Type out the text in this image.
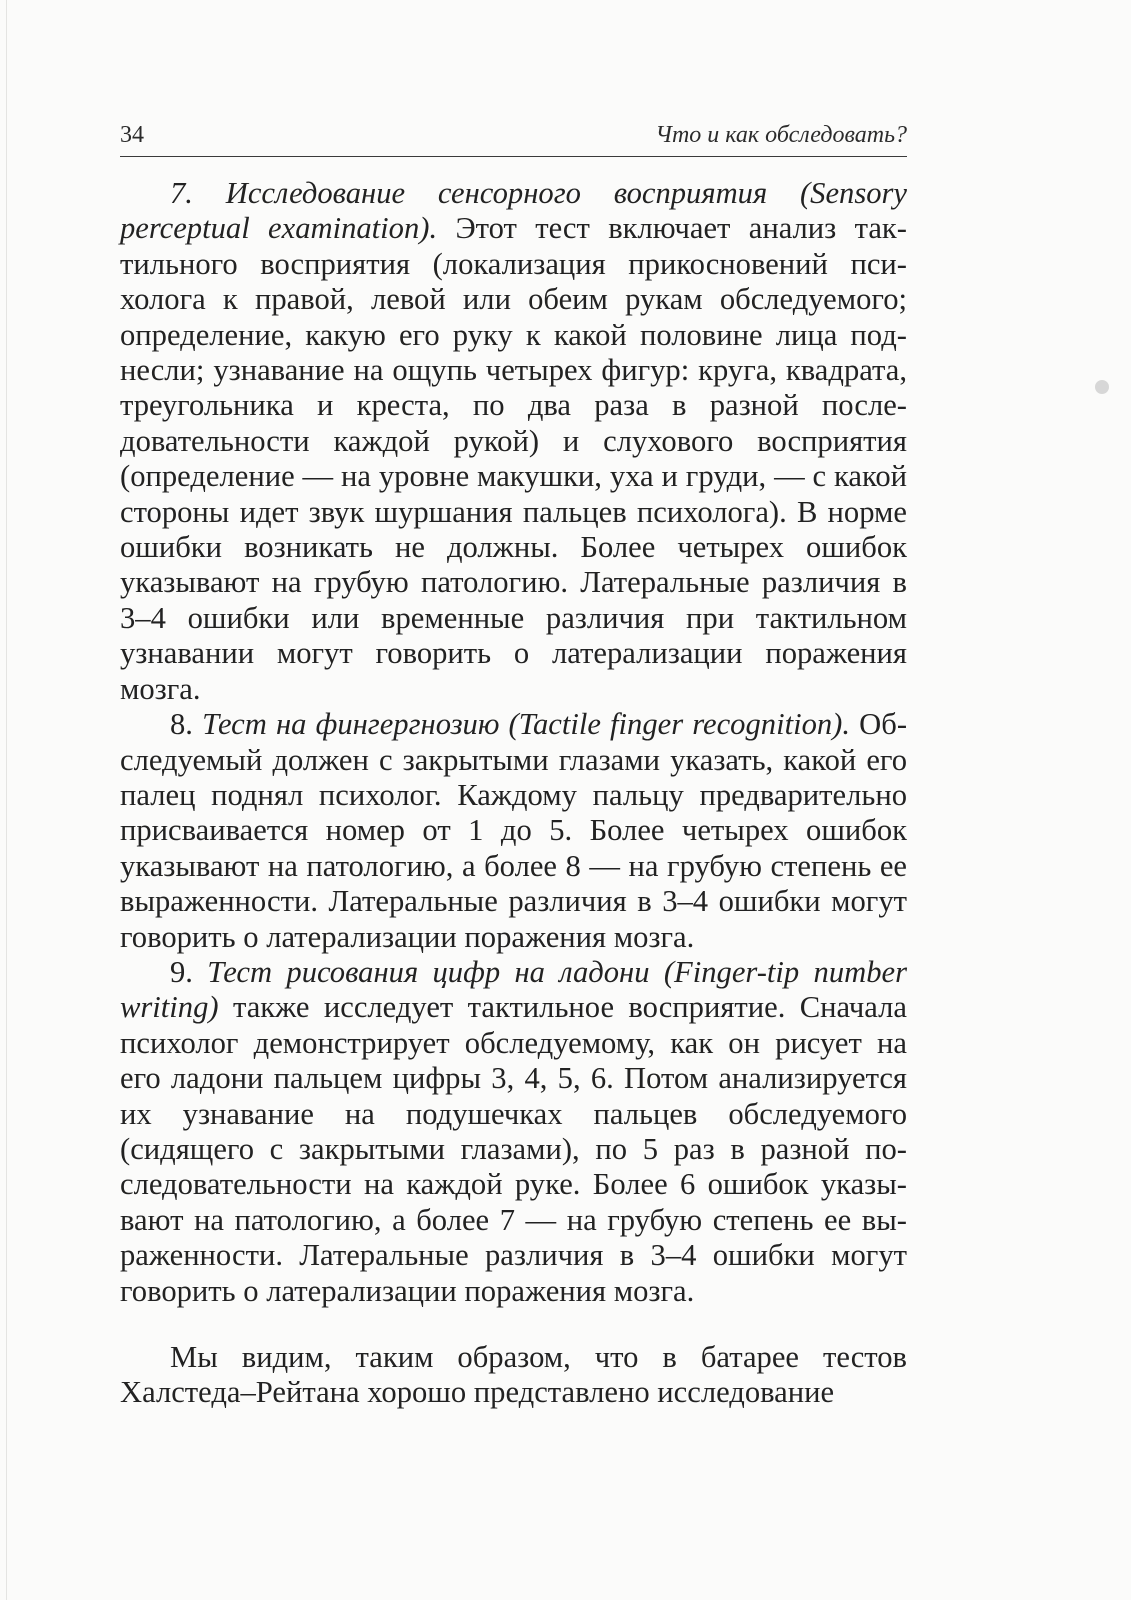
34	Что и как обследовать?

7. Исследование сенсорного восприятия (Sensory perceptual examination). Этот тест включает анализ тактильного восприятия (локализация прикосновений психолога к правой, левой или обеим рукам обследуемого; определение, какую его руку к какой половине лица поднесли; узнавание на ощупь четырех фигур: круга, квадрата, треугольника и креста, по два раза в разной последовательности каждой рукой) и слухового восприятия (определение — на уровне макушки, уха и груди, — с какой стороны идет звук шуршания пальцев психолога). В норме ошибки возникать не должны. Более четырех ошибок указывают на грубую патологию. Латеральные различия в 3–4 ошибки или временные различия при тактильном узнавании могут говорить о латерализации поражения мозга.

8. Тест на фингергнозию (Tactile finger recognition). Обследуемый должен с закрытыми глазами указать, какой его палец поднял психолог. Каждому пальцу предварительно присваивается номер от 1 до 5. Более четырех ошибок указывают на патологию, а более 8 — на грубую степень ее выраженности. Латеральные различия в 3–4 ошибки могут говорить о латерализации поражения мозга.

9. Тест рисования цифр на ладони (Finger-tip number writing) также исследует тактильное восприятие. Сначала психолог демонстрирует обследуемому, как он рисует на его ладони пальцем цифры 3, 4, 5, 6. Потом анализируется их узнавание на подушечках пальцев обследуемого (сидящего с закрытыми глазами), по 5 раз в разной последовательности на каждой руке. Более 6 ошибок указывают на патологию, а более 7 — на грубую степень ее выраженности. Латеральные различия в 3–4 ошибки могут говорить о латерализации поражения мозга.

Мы видим, таким образом, что в батарее тестов Халстеда–Рейтана хорошо представлено исследование
